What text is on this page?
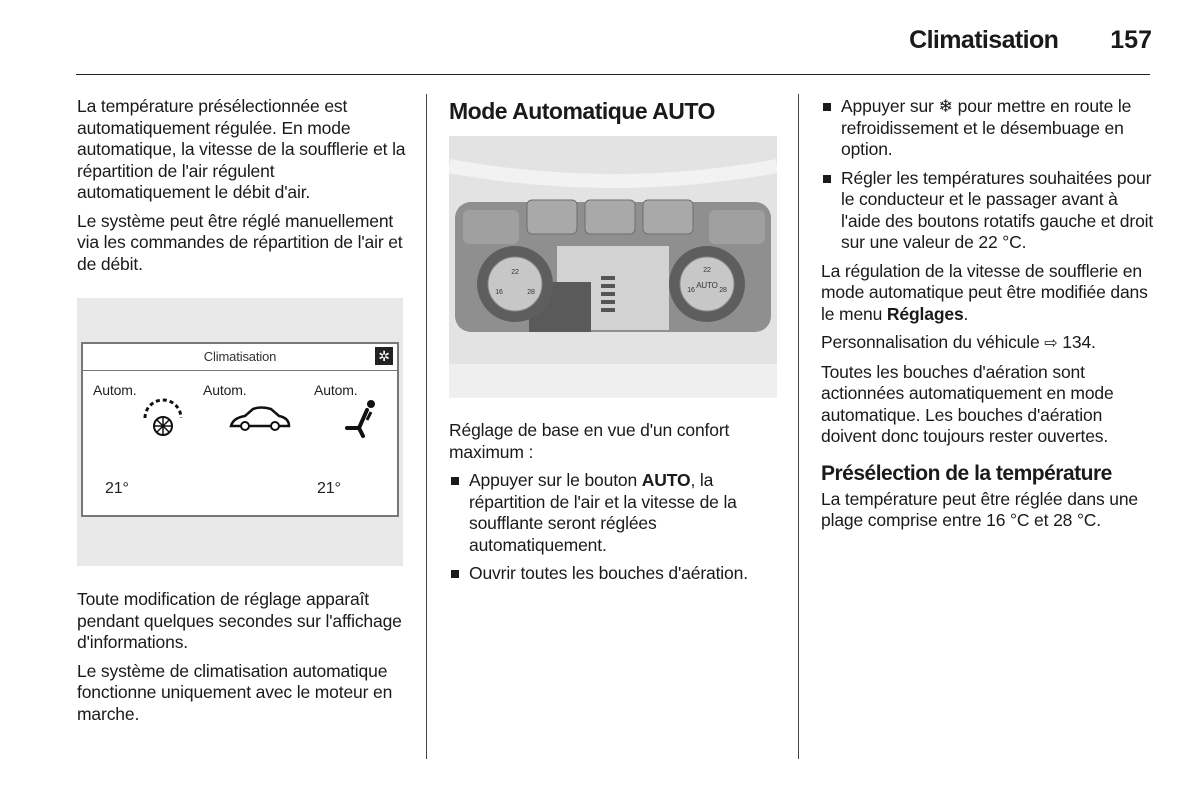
Climatisation 157

La température présélectionnée est automatiquement régulée. En mode automatique, la vitesse de la soufflerie et la répartition de l'air régulent automatiquement le débit d'air.

Le système peut être réglé manuellement via les commandes de répartition de l'air et de débit.

Climatisation	✲
Autom.	Autom.	Autom.
21°	21°

Toute modification de réglage apparaît pendant quelques secondes sur l'affichage d'informations.

Le système de climatisation automatique fonctionne uniquement avec le moteur en marche.

Mode Automatique AUTO
22
16	28
22
AUTO
16	28

Réglage de base en vue d'un confort maximum :

Appuyer sur le bouton AUTO, la répartition de l'air et la vitesse de la soufflante seront réglées automatiquement.
Ouvrir toutes les bouches d'aération.
Appuyer sur ❄ pour mettre en route le refroidissement et le désembuage en option.
Régler les températures souhaitées pour le conducteur et le passager avant à l'aide des boutons rotatifs gauche et droit sur une valeur de 22 °C.

La régulation de la vitesse de soufflerie en mode automatique peut être modifiée dans le menu Réglages.

Personnalisation du véhicule ⇨ 134.

Toutes les bouches d'aération sont actionnées automatiquement en mode automatique. Les bouches d'aération doivent donc toujours rester ouvertes.

Présélection de la température

La température peut être réglée dans une plage comprise entre 16 °C et 28 °C.
